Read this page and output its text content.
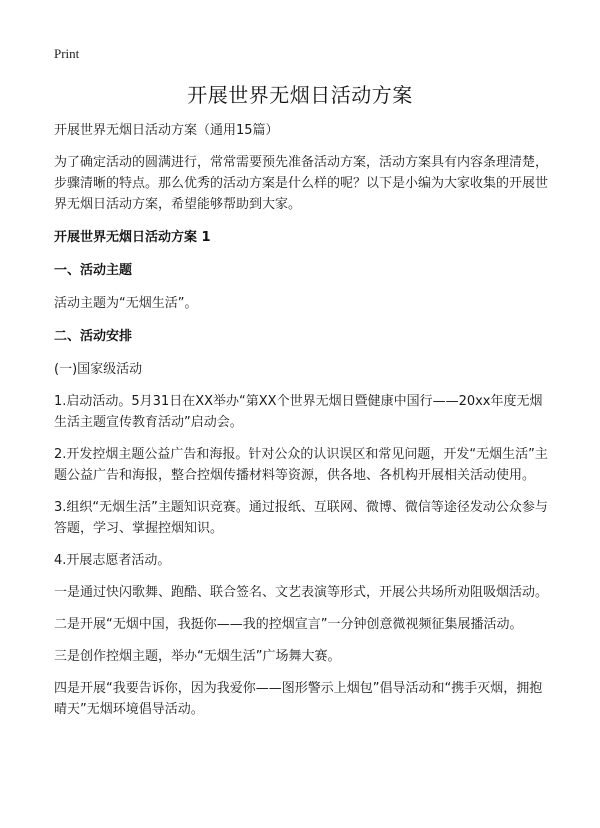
Print
开展世界无烟日活动方案

开展世界无烟日活动方案（通用15篇）

为了确定活动的圆满进行，常常需要预先准备活动方案，活动方案具有内容条理清楚，步骤清晰的特点。那么优秀的活动方案是什么样的呢？以下是小编为大家收集的开展世界无烟日活动方案，希望能够帮助到大家。

开展世界无烟日活动方案 1

一、活动主题

活动主题为“无烟生活”。

二、活动安排

(一)国家级活动

1.启动活动。5月31日在XX举办“第XX个世界无烟日暨健康中国行——20xx年度无烟生活主题宣传教育活动”启动会。

2.开发控烟主题公益广告和海报。针对公众的认识误区和常见问题，开发“无烟生活”主题公益广告和海报，整合控烟传播材料等资源，供各地、各机构开展相关活动使用。

3.组织“无烟生活”主题知识竞赛。通过报纸、互联网、微博、微信等途径发动公众参与答题，学习、掌握控烟知识。

4.开展志愿者活动。

一是通过快闪歌舞、跑酷、联合签名、文艺表演等形式，开展公共场所劝阻吸烟活动。

二是开展“无烟中国，我挺你——我的控烟宣言”一分钟创意微视频征集展播活动。

三是创作控烟主题，举办“无烟生活”广场舞大赛。

四是开展“我要告诉你，因为我爱你——图形警示上烟包”倡导活动和“携手灭烟，拥抱晴天”无烟环境倡导活动。
